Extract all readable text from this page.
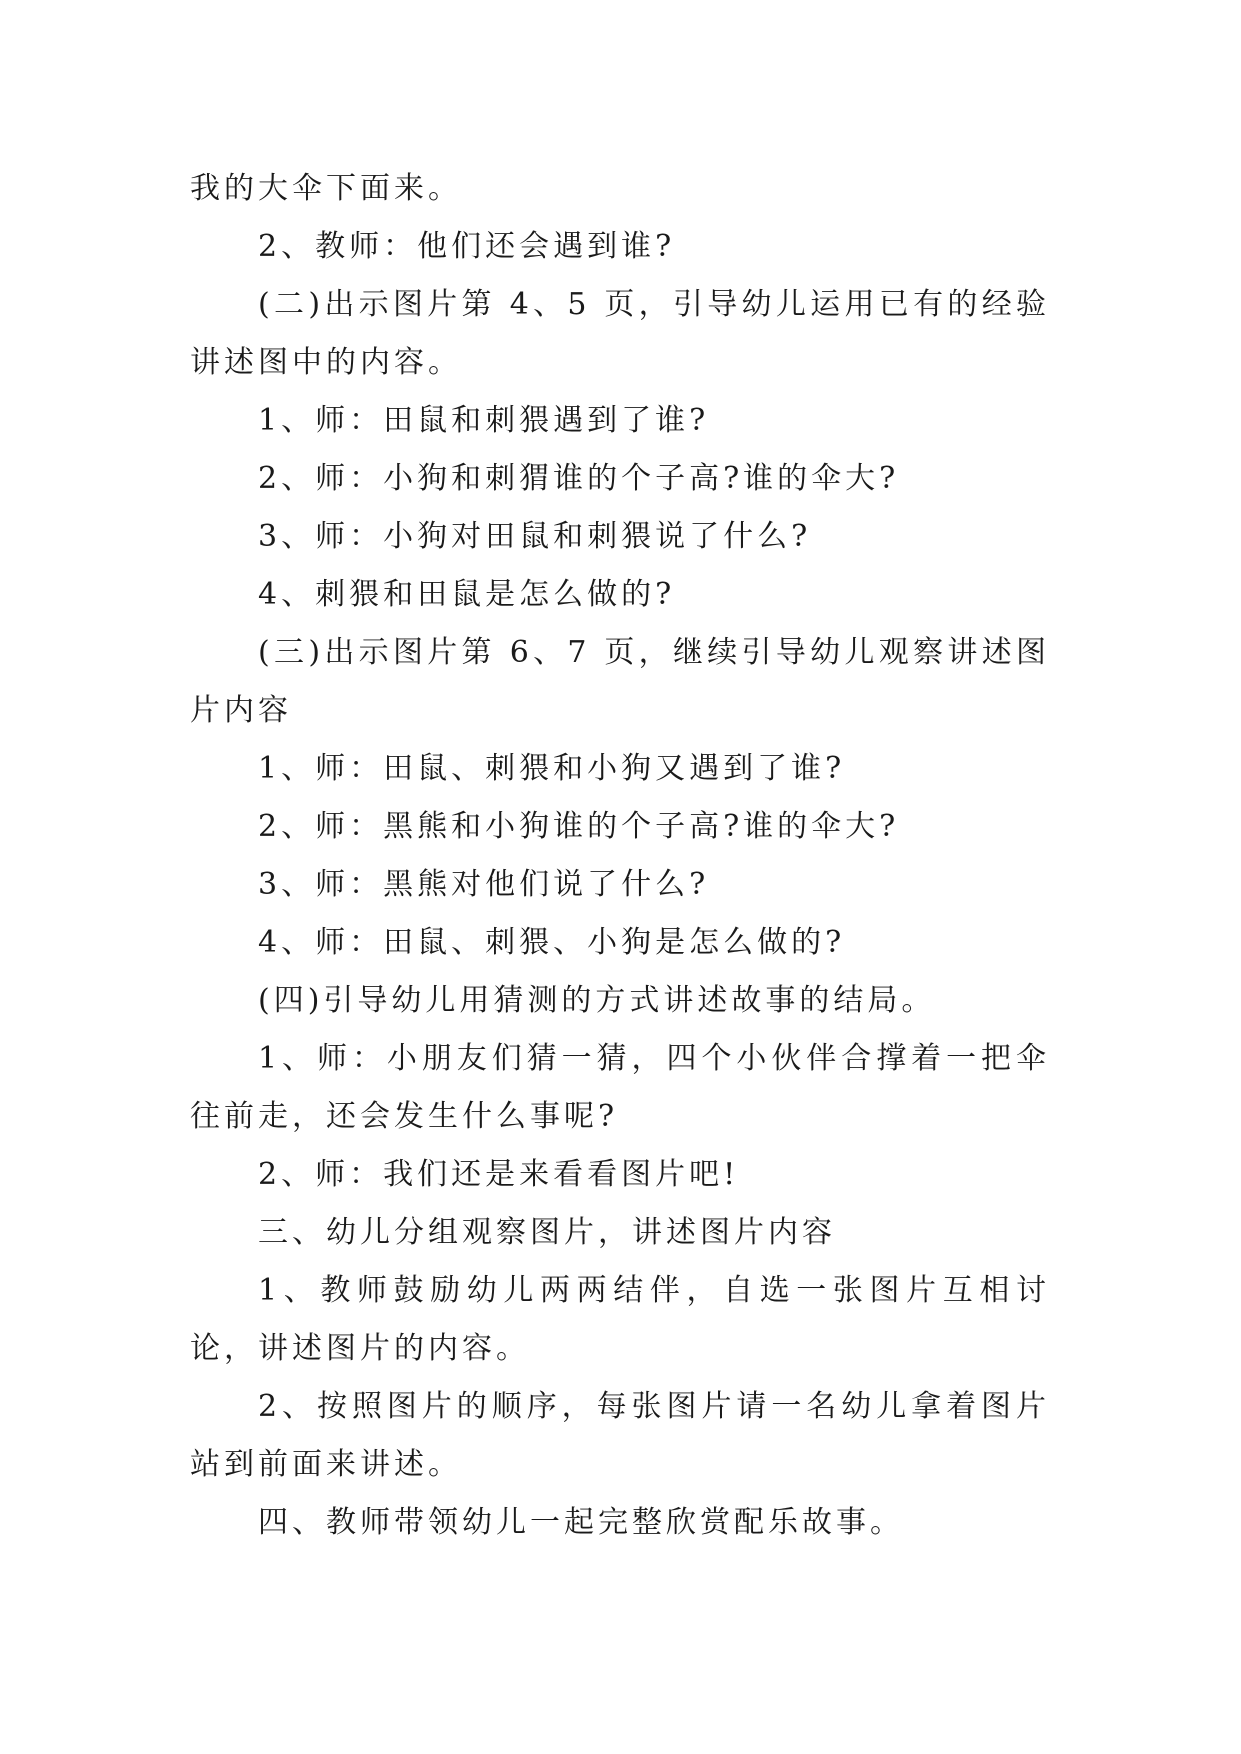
我的大伞下面来。

2、教师：他们还会遇到谁?

(二)出示图片第 4、5 页，引导幼儿运用已有的经验讲述图中的内容。

1、师：田鼠和刺猥遇到了谁?

2、师：小狗和刺猬谁的个子高?谁的伞大?

3、师：小狗对田鼠和刺猥说了什么?

4、刺猥和田鼠是怎么做的?

(三)出示图片第 6、7 页，继续引导幼儿观察讲述图片内容

1、师：田鼠、刺猥和小狗又遇到了谁?

2、师：黑熊和小狗谁的个子高?谁的伞大?

3、师：黑熊对他们说了什么?

4、师：田鼠、刺猥、小狗是怎么做的?

(四)引导幼儿用猜测的方式讲述故事的结局。

1、师：小朋友们猜一猜，四个小伙伴合撑着一把伞往前走，还会发生什么事呢?

2、师：我们还是来看看图片吧!

三、幼儿分组观察图片，讲述图片内容

1、教师鼓励幼儿两两结伴，自选一张图片互相讨论，讲述图片的内容。

2、按照图片的顺序，每张图片请一名幼儿拿着图片站到前面来讲述。

四、教师带领幼儿一起完整欣赏配乐故事。
